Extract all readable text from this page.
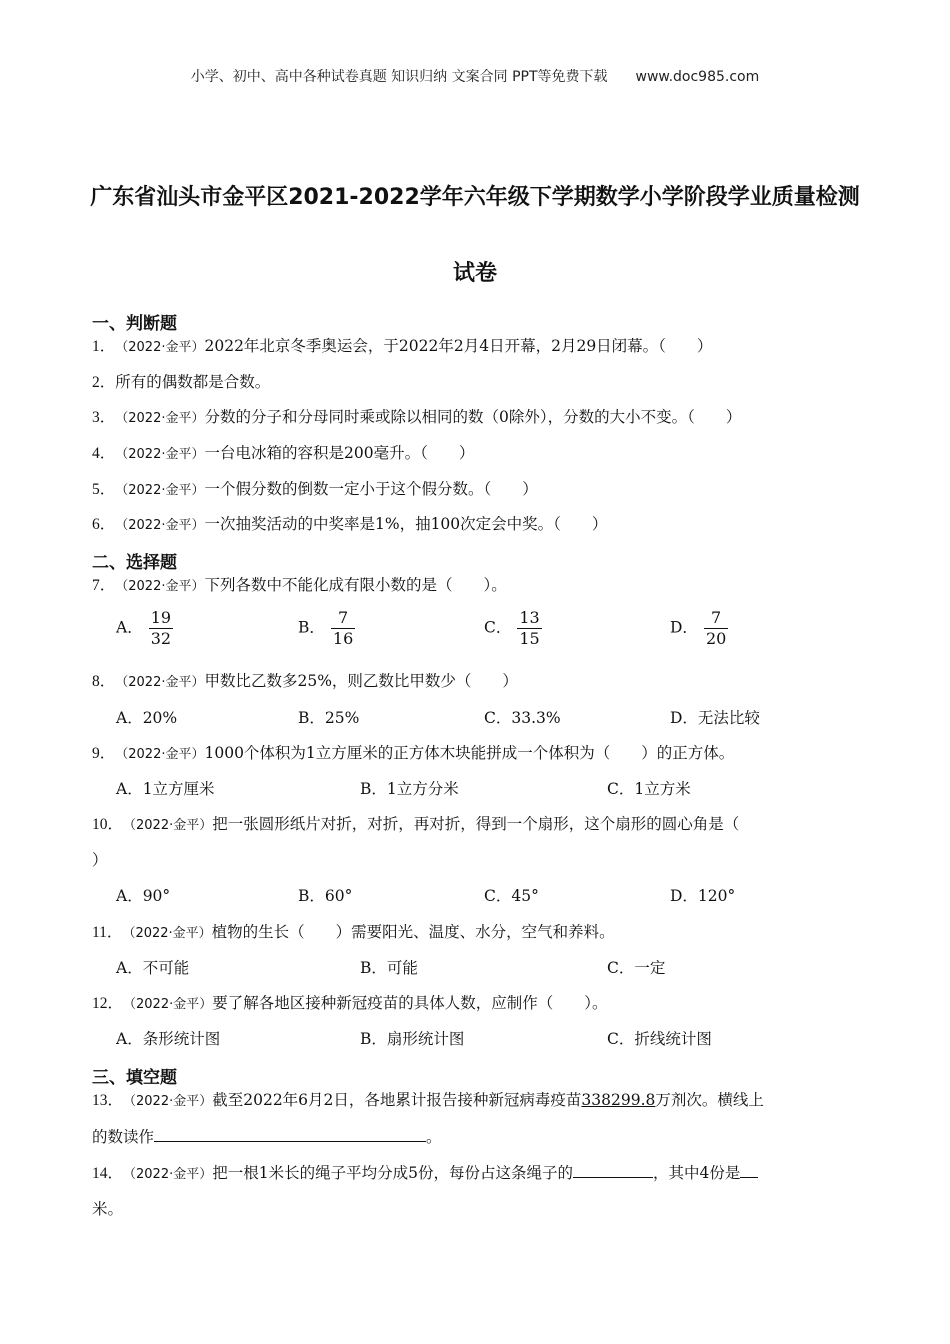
小学、初中、高中各种试卷真题 知识归纳 文案合同 PPT等免费下载 www.doc985.com
广东省汕头市金平区2021-2022学年六年级下学期数学小学阶段学业质量检测
试卷
一、判断题
1．（2022·金平）2022年北京冬季奥运会，于2022年2月4日开幕，2月29日闭幕。（　　）
2．所有的偶数都是合数。
3．（2022·金平）分数的分子和分母同时乘或除以相同的数（0除外），分数的大小不变。（　　）
4．（2022·金平）一台电冰箱的容积是200毫升。（　　）
5．（2022·金平）一个假分数的倒数一定小于这个假分数。（　　）
6．（2022·金平）一次抽奖活动的中奖率是1%，抽100次定会中奖。（　　）
二、选择题
7．（2022·金平）下列各数中不能化成有限小数的是（　　）。
A． $\frac{19}{32}$	B． $\frac{7}{16}$	C． $\frac{13}{15}$	D． $\frac{7}{20}$
8．（2022·金平）甲数比乙数多25%，则乙数比甲数少（　　）
A．20%	B．25%	C．33.3%	D．无法比较
9．（2022·金平）1000个体积为1立方厘米的正方体木块能拼成一个体积为（　　）的正方体。
A．1立方厘米	B．1立方分米	C．1立方米
10．（2022·金平）把一张圆形纸片对折，对折，再对折，得到一个扇形，这个扇形的圆心角是（
）
A．90°	B．60°	C．45°	D．120°
11．（2022·金平）植物的生长（　　）需要阳光、温度、水分，空气和养料。
A．不可能	B．可能	C．一定
12．（2022·金平）要了解各地区接种新冠疫苗的具体人数，应制作（　　）。
A．条形统计图	B．扇形统计图	C．折线统计图
三、填空题
13．（2022·金平）截至2022年6月2日，各地累计报告接种新冠病毒疫苗338299.8万剂次。横线上
的数读作	。
14．（2022·金平）把一根1米长的绳子平均分成5份，每份占这条绳子的	，其中4份是
米。
